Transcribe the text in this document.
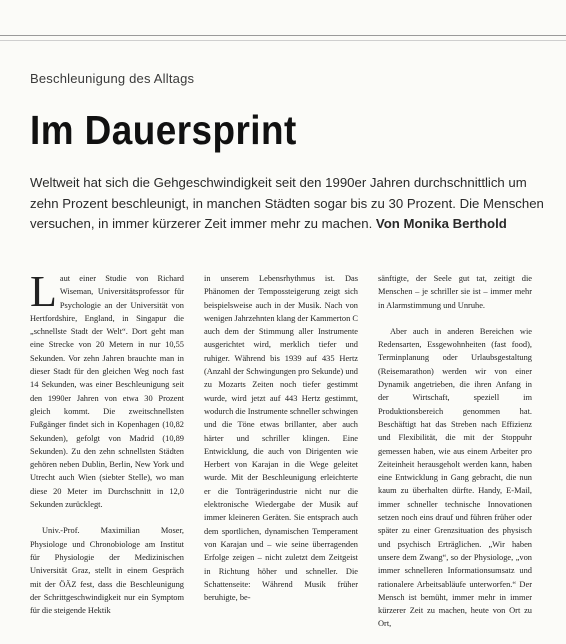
Beschleunigung des Alltags
Im Dauersprint
Weltweit hat sich die Gehgeschwindigkeit seit den 1990er Jahren durchschnittlich um zehn Prozent beschleunigt, in manchen Städten sogar bis zu 30 Prozent. Die Menschen versuchen, in immer kürzerer Zeit immer mehr zu machen. Von Monika Berthold

Laut einer Studie von Richard Wiseman, Universitätsprofessor für Psychologie an der Universität von Hertfordshire, England, in Singapur die „schnellste Stadt der Welt“. Dort geht man eine Strecke von 20 Metern in nur 10,55 Sekunden. Vor zehn Jahren brauchte man in dieser Stadt für den gleichen Weg noch fast 14 Sekunden, was einer Beschleunigung seit den 1990er Jahren von etwa 30 Prozent gleich kommt. Die zweitschnellsten Fußgänger findet sich in Kopenhagen (10,82 Sekunden), gefolgt von Madrid (10,89 Sekunden). Zu den zehn schnellsten Städten gehören neben Dublin, Berlin, New York und Utrecht auch Wien (siebter Stelle), wo man diese 20 Meter im Durchschnitt in 12,0 Sekunden zurücklegt.

Univ.-Prof. Maximilian Moser, Physiologe und Chronobiologe am Institut für Physiologie der Medizinischen Universität Graz, stellt in einem Gespräch mit der ÖÄZ fest, dass die Beschleunigung der Schrittgeschwindigkeit nur ein Symptom für die steigende Hektik

in unserem Lebensrhythmus ist. Das Phänomen der Tempossteigerung zeigt sich beispielsweise auch in der Musik. Nach von wenigen Jahrzehnten klang der Kammerton C auch dem der Stimmung aller Instrumente ausgerichtet wird, merklich tiefer und ruhiger. Während bis 1939 auf 435 Hertz (Anzahl der Schwingungen pro Sekunde) und zu Mozarts Zeiten noch tiefer gestimmt wurde, wird jetzt auf 443 Hertz gestimmt, wodurch die Instrumente schneller schwingen und die Töne etwas brillanter, aber auch härter und schriller klingen. Eine Entwicklung, die auch von Dirigenten wie Herbert von Karajan in die Wege geleitet wurde. Mit der Beschleunigung erleichterte er die Tonträgerindustrie nicht nur die elektronische Wiedergabe der Musik auf immer kleineren Geräten. Sie entsprach auch dem sportlichen, dynamischen Temperament von Karajan und – wie seine überragenden Erfolge zeigen – nicht zuletzt dem Zeitgeist in Richtung höher und schneller. Die Schattenseite: Während Musik früher beruhigte, be-

sänftigte, der Seele gut tat, zeitigt die Menschen – je schriller sie ist – immer mehr in Alarmstimmung und Unruhe.

Aber auch in anderen Bereichen wie Redensarten, Essgewohnheiten (fast food), Terminplanung oder Urlaubsgestaltung (Reisemarathon) werden wir von einer Dynamik angetrieben, die ihren Anfang in der Wirtschaft, speziell im Produktionsbereich genommen hat. Beschäftigt hat das Streben nach Effizienz und Flexibilität, die mit der Stoppuhr gemessen haben, wie aus einem Arbeiter pro Zeiteinheit herausgeholt werden kann, haben eine Entwicklung in Gang gebracht, die nun kaum zu überhalten dürfte. Handy, E-Mail, immer schneller technische Innovationen setzen noch eins drauf und führen früher oder später zu einer Grenzsituation des physisch und psychisch Erträglichen. „Wir haben unsere dem Zwang“, so der Physiologe, „von immer schnelleren Informationsumsatz und rationalere Arbeitsabläufe unterworfen.“ Der Mensch ist bemüht, immer mehr in immer kürzerer Zeit zu machen, heute von Ort zu Ort,
